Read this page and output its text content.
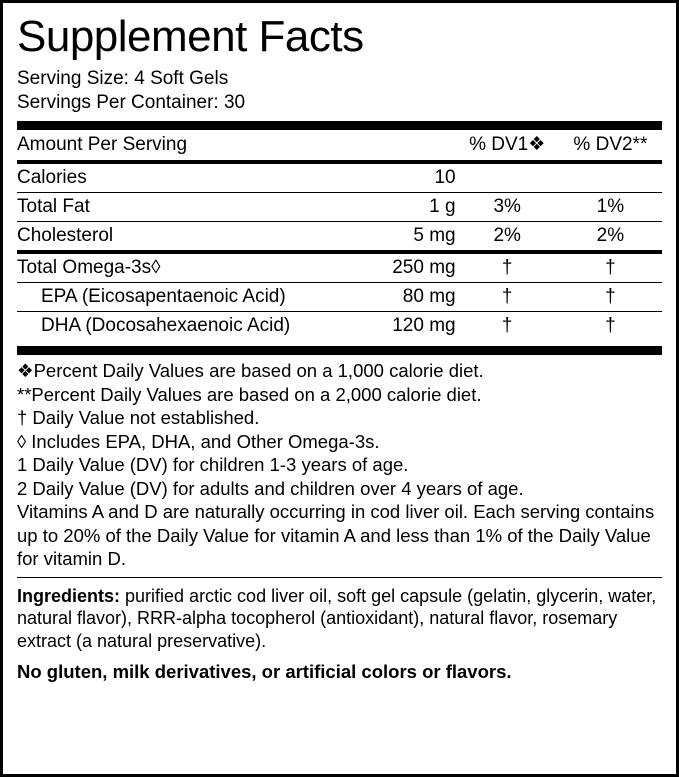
Supplement Facts
Serving Size: 4 Soft Gels
Servings Per Container: 30
Amount Per Serving		% DV1❖	% DV2**

Calories	10		

Total Fat	1 g	3%	1%

Cholesterol	5 mg	2%	2%

Total Omega-3s◊	250 mg	†	†

EPA (Eicosapentaenoic Acid)	80 mg	†	†

DHA (Docosahexaenoic Acid)	120 mg	†	†
❖Percent Daily Values are based on a 1,000 calorie diet.
**Percent Daily Values are based on a 2,000 calorie diet.
† Daily Value not established.
◊ Includes EPA, DHA, and Other Omega-3s.
1 Daily Value (DV) for children 1-3 years of age.
2 Daily Value (DV) for adults and children over 4 years of age.
Vitamins A and D are naturally occurring in cod liver oil. Each serving contains up to 20% of the Daily Value for vitamin A and less than 1% of the Daily Value for vitamin D.
Ingredients: purified arctic cod liver oil, soft gel capsule (gelatin, glycerin, water, natural flavor), RRR-alpha tocopherol (antioxidant), natural flavor, rosemary extract (a natural preservative).
No gluten, milk derivatives, or artificial colors or flavors.
